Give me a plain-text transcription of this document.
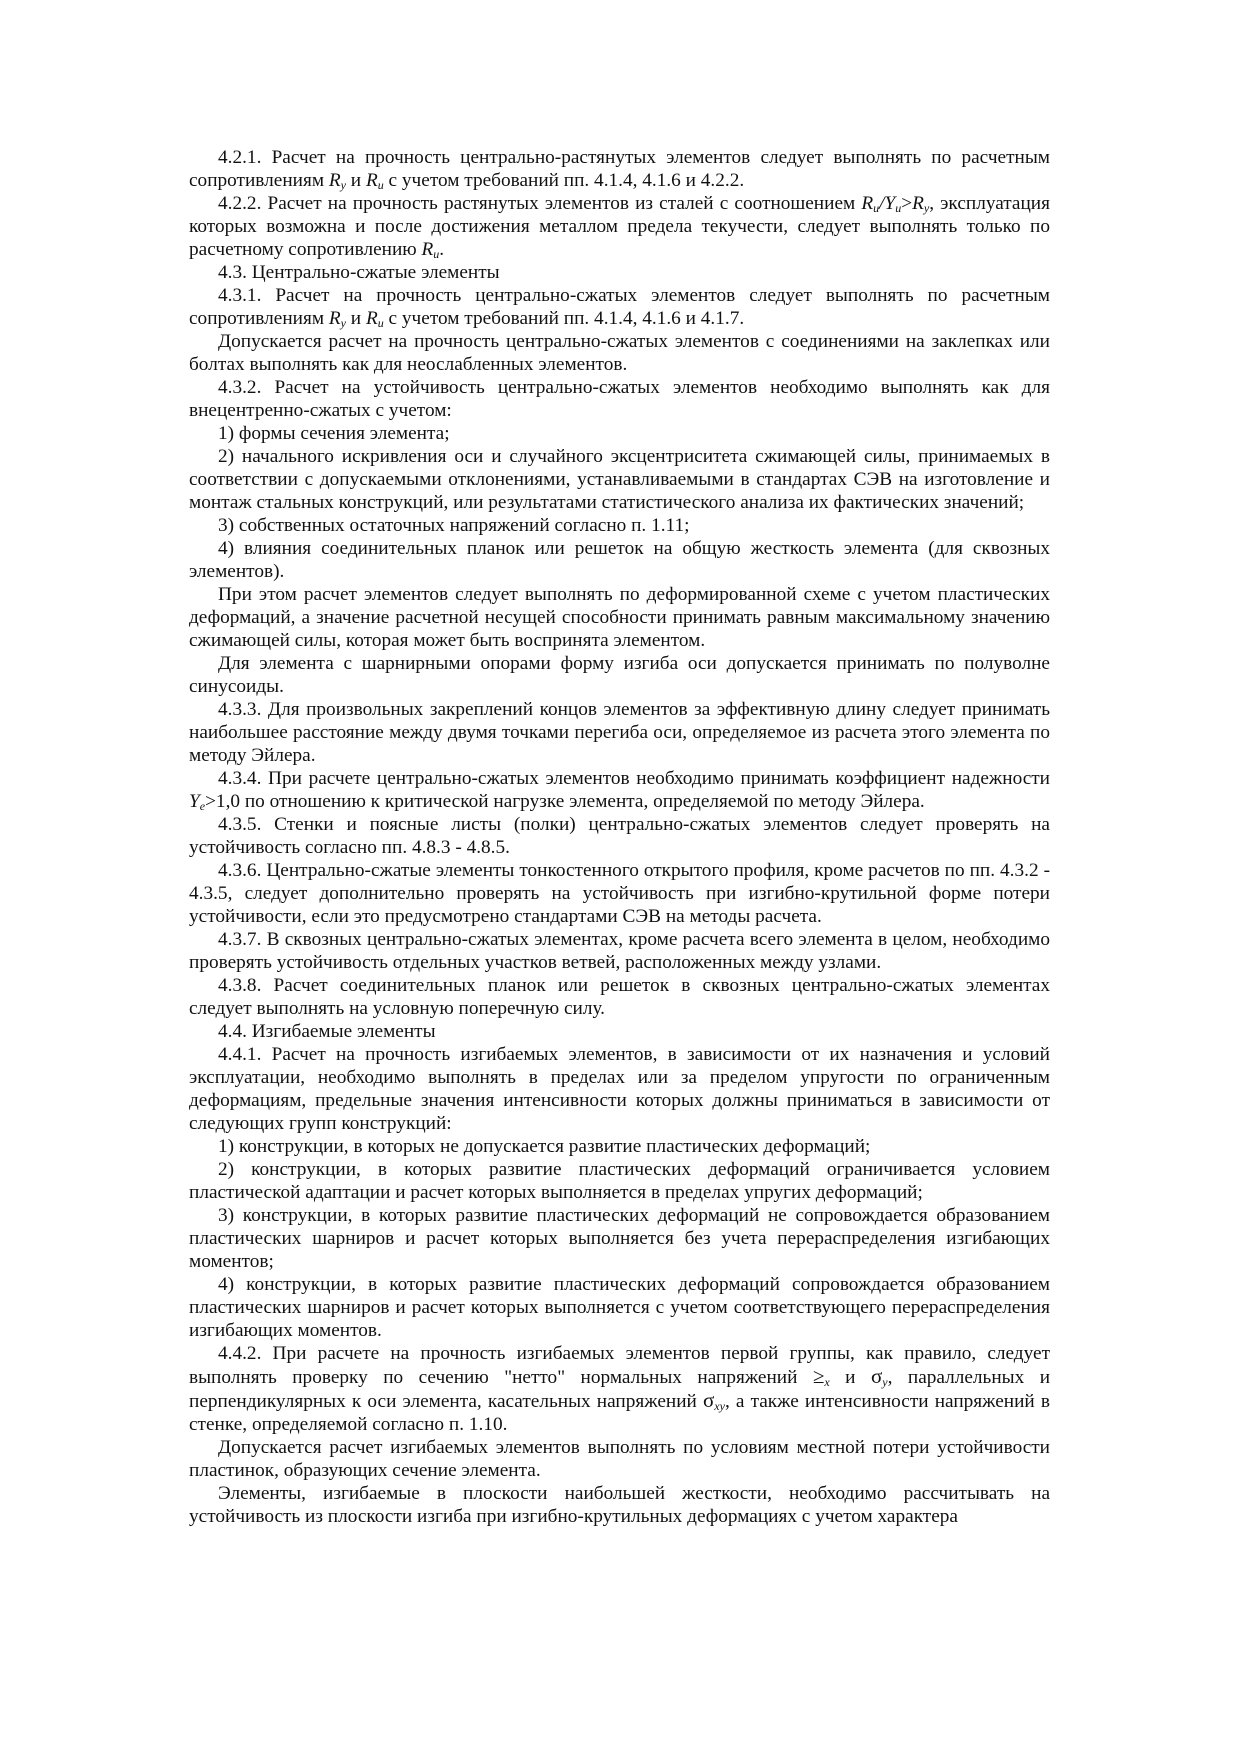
4.2.1. Расчет на прочность центрально-растянутых элементов следует выполнять по расчетным сопротивлениям Ry и Ru с учетом требований пп. 4.1.4, 4.1.6 и 4.2.2.

4.2.2. Расчет на прочность растянутых элементов из сталей с соотношением Ru/Yu>Ry, эксплуатация которых возможна и после достижения металлом предела текучести, следует выполнять только по расчетному сопротивлению Ru.

4.3. Центрально-сжатые элементы

4.3.1. Расчет на прочность центрально-сжатых элементов следует выполнять по расчетным сопротивлениям Ry и Ru с учетом требований пп. 4.1.4, 4.1.6 и 4.1.7.

Допускается расчет на прочность центрально-сжатых элементов с соединениями на заклепках или болтах выполнять как для неослабленных элементов.

4.3.2. Расчет на устойчивость центрально-сжатых элементов необходимо выполнять как для внецентренно-сжатых с учетом:

1) формы сечения элемента;

2) начального искривления оси и случайного эксцентриситета сжимающей силы, принимаемых в соответствии с допускаемыми отклонениями, устанавливаемыми в стандартах СЭВ на изготовление и монтаж стальных конструкций, или результатами статистического анализа их фактических значений;

3) собственных остаточных напряжений согласно п. 1.11;

4) влияния соединительных планок или решеток на общую жесткость элемента (для сквозных элементов).

При этом расчет элементов следует выполнять по деформированной схеме с учетом пластических деформаций, а значение расчетной несущей способности принимать равным максимальному значению сжимающей силы, которая может быть воспринята элементом.

Для элемента с шарнирными опорами форму изгиба оси допускается принимать по полуволне синусоиды.

4.3.3. Для произвольных закреплений концов элементов за эффективную длину следует принимать наибольшее расстояние между двумя точками перегиба оси, определяемое из расчета этого элемента по методу Эйлера.

4.3.4. При расчете центрально-сжатых элементов необходимо принимать коэффициент надежности Ye>1,0 по отношению к критической нагрузке элемента, определяемой по методу Эйлера.

4.3.5. Стенки и поясные листы (полки) центрально-сжатых элементов следует проверять на устойчивость согласно пп. 4.8.3 - 4.8.5.

4.3.6. Центрально-сжатые элементы тонкостенного открытого профиля, кроме расчетов по пп. 4.3.2 - 4.3.5, следует дополнительно проверять на устойчивость при изгибно-крутильной форме потери устойчивости, если это предусмотрено стандартами СЭВ на методы расчета.

4.3.7. В сквозных центрально-сжатых элементах, кроме расчета всего элемента в целом, необходимо проверять устойчивость отдельных участков ветвей, расположенных между узлами.

4.3.8. Расчет соединительных планок или решеток в сквозных центрально-сжатых элементах следует выполнять на условную поперечную силу.

4.4. Изгибаемые элементы

4.4.1. Расчет на прочность изгибаемых элементов, в зависимости от их назначения и условий эксплуатации, необходимо выполнять в пределах или за пределом упругости по ограниченным деформациям, предельные значения интенсивности которых должны приниматься в зависимости от следующих групп конструкций:

1) конструкции, в которых не допускается развитие пластических деформаций;

2) конструкции, в которых развитие пластических деформаций ограничивается условием пластической адаптации и расчет которых выполняется в пределах упругих деформаций;

3) конструкции, в которых развитие пластических деформаций не сопровождается образованием пластических шарниров и расчет которых выполняется без учета перераспределения изгибающих моментов;

4) конструкции, в которых развитие пластических деформаций сопровождается образованием пластических шарниров и расчет которых выполняется с учетом соответствующего перераспределения изгибающих моментов.

4.4.2. При расчете на прочность изгибаемых элементов первой группы, как правило, следует выполнять проверку по сечению "нетто" нормальных напряжений ≥x и σy, параллельных и перпендикулярных к оси элемента, касательных напряжений σxy, а также интенсивности напряжений в стенке, определяемой согласно п. 1.10.

Допускается расчет изгибаемых элементов выполнять по условиям местной потери устойчивости пластинок, образующих сечение элемента.

Элементы, изгибаемые в плоскости наибольшей жесткости, необходимо рассчитывать на устойчивость из плоскости изгиба при изгибно-крутильных деформациях с учетом характера
